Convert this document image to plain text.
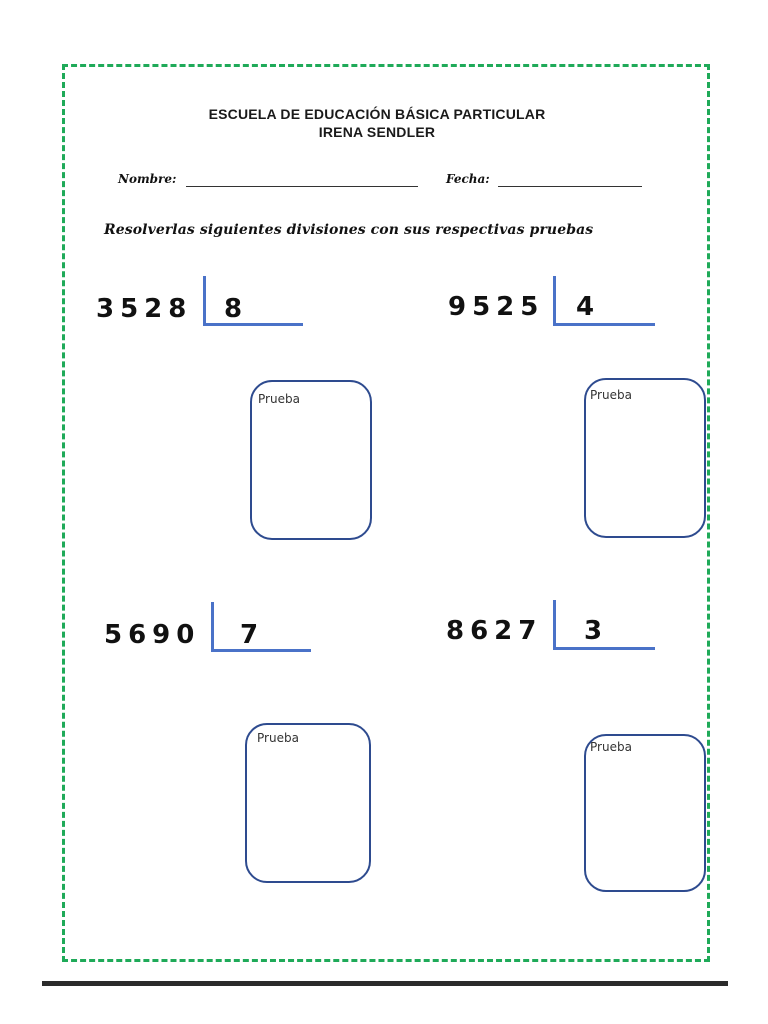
ESCUELA DE EDUCACIÓN BÁSICA PARTICULAR
IRENA SENDLER
Nombre:	Fecha:
Resolverlas siguientes divisiones con sus respectivas pruebas
3528 8
Prueba
9525 4
Prueba
5690 7
Prueba
8627 3
Prueba
